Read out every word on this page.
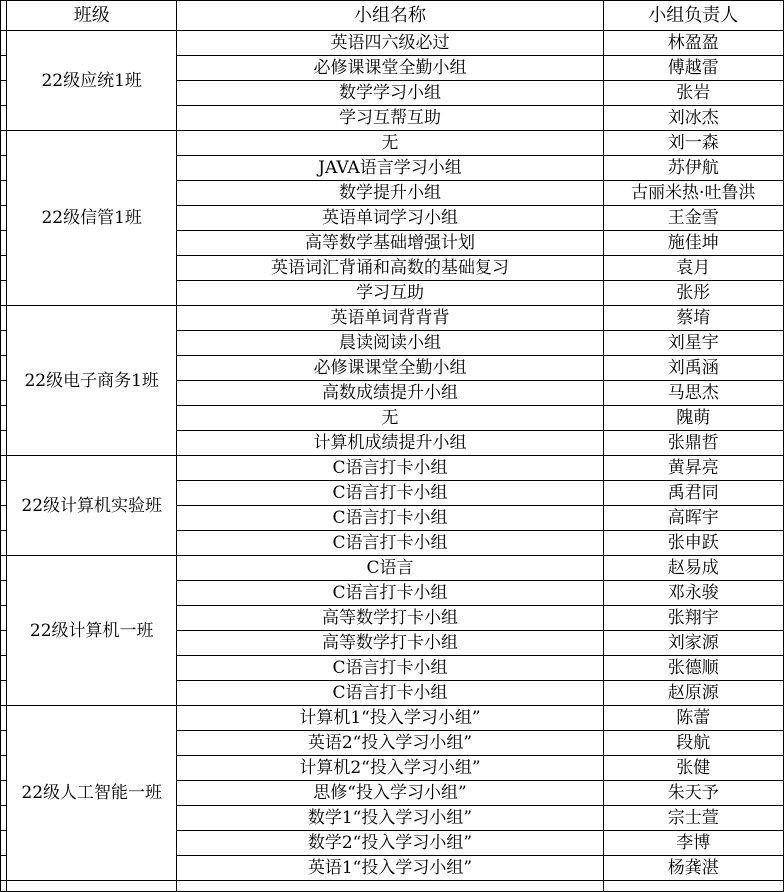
	班级	小组名称	小组负责人
	22级应统1班	英语四六级必过	林盈盈
		必修课课堂全勤小组	傅越雷
		数学学习小组	张岩
		学习互帮互助	刘冰杰
	22级信管1班	无	刘一森
		JAVA语言学习小组	苏伊航
		数学提升小组	古丽米热·吐鲁洪
		英语单词学习小组	王金雪
		高等数学基础增强计划	施佳坤
		英语词汇背诵和高数的基础复习	袁月
		学习互助	张彤
	22级电子商务1班	英语单词背背背	蔡堉
		晨读阅读小组	刘星宇
		必修课课堂全勤小组	刘禹涵
		高数成绩提升小组	马思杰
		无	隗萌
		计算机成绩提升小组	张鼎哲
	22级计算机实验班	C语言打卡小组	黄昇亮
		C语言打卡小组	禹君同
		C语言打卡小组	高晖宇
		C语言打卡小组	张申跃
	22级计算机一班	C语言	赵易成
		C语言打卡小组	邓永骏
		高等数学打卡小组	张翔宇
		高等数学打卡小组	刘家源
		C语言打卡小组	张德顺
		C语言打卡小组	赵原源
	22级人工智能一班	计算机1“投入学习小组”	陈蕾
		英语2“投入学习小组”	段航
		计算机2“投入学习小组”	张健
		思修“投入学习小组”	朱天予
		数学1“投入学习小组”	宗士萱
		数学2“投入学习小组”	李博
		英语1“投入学习小组”	杨龚湛
